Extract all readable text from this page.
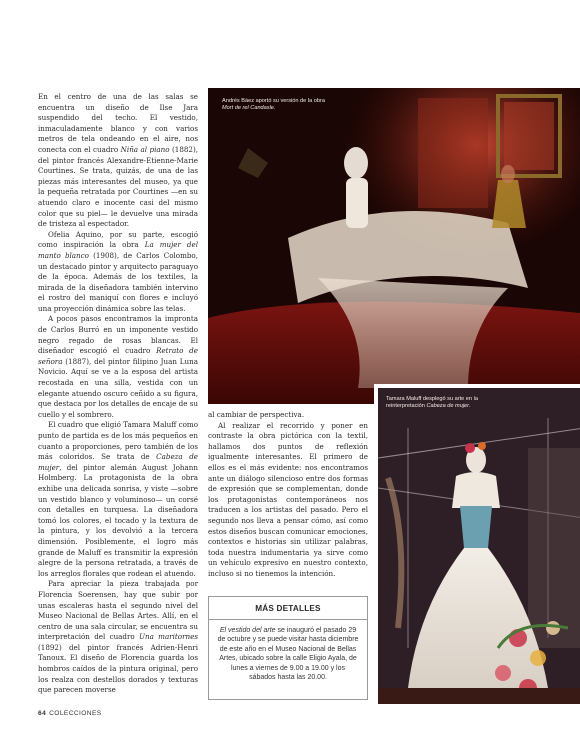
En el centro de una de las salas se encuentra un diseño de Ilse Jara suspendido del techo. El vestido, inmaculadamente blanco y con varios metros de tela ondeando en el aire, nos conecta con el cuadro Niña al piano (1882), del pintor francés Alexandre-Etienne-Marie Courtines. Se trata, quizás, de una de las piezas más interesantes del museo, ya que la pequeña retratada por Courtines —en su atuendo claro e inocente casi del mismo color que su piel— le devuelve una mirada de tristeza al espectador.

Ofelia Aquino, por su parte, escogió como inspiración la obra La mujer del manto blanco (1908), de Carlos Colombo, un destacado pintor y arquitecto paraguayo de la época. Además de los textiles, la mirada de la diseñadora también intervino el rostro del maniquí con flores e incluyó una proyección dinámica sobre las telas.

A pocos pasos encontramos la impronta de Carlos Burró en un imponente vestido negro regado de rosas blancas. El diseñador escogió el cuadro Retrato de señora (1887), del pintor filipino Juan Luna Novicio. Aquí se ve a la esposa del artista recostada en una silla, vestida con un elegante atuendo oscuro ceñido a su figura, que destaca por los detalles de encaje de su cuello y el sombrero.

El cuadro que eligió Tamara Maluff como punto de partida es de los más pequeños en cuanto a proporciones, pero también de los más coloridos. Se trata de Cabeza de mujer, del pintor alemán August Johann Holmberg. La protagonista de la obra exhibe una delicada sonrisa, y viste —sobre un vestido blanco y voluminoso— un corsé con detalles en turquesa. La diseñadora tomó los colores, el tocado y la textura de la pintura, y los devolvió a la tercera dimensión. Posiblemente, el logro más grande de Maluff es transmitir la expresión alegre de la persona retratada, a través de los arreglos florales que rodean el atuendo.

Para apreciar la pieza trabajada por Florencia Soerensen, hay que subir por unas escaleras hasta el segundo nivel del Museo Nacional de Bellas Artes. Allí, en el centro de una sala circular, se encuentra su interpretación del cuadro Una maritornes (1892) del pintor francés Adrien-Henri Tanoux. El diseño de Florencia guarda los hombros caídos de la pintura original, pero los realza con destellos dorados y texturas que parecen moverse

Andrés Báez aportó su versión de la obra
Mort de rel Candasle.
Tamara Maluff desplegó su arte en la reinterpretación Cabeza de mujer.

al cambiar de perspectiva.

Al realizar el recorrido y poner en contraste la obra pictórica con la textil, hallamos dos puntos de reflexión igualmente interesantes. El primero de ellos es el más evidente: nos encontramos ante un diálogo silencioso entre dos formas de expresión que se complementan, donde los protagonistas contemporáneos nos traducen a los artistas del pasado. Pero el segundo nos lleva a pensar cómo, así como estos diseños buscan comunicar emociones, contextos e historias sin utilizar palabras, toda nuestra indumentaria ya sirve como un vehículo expresivo en nuestro contexto, incluso si no tienemos la intención.

MÁS DETALLES
El vestido del arte se inauguró el pasado 29 de octubre y se puede visitar hasta diciembre de este año en el Museo Nacional de Bellas Artes, ubicado sobre la calle Eligio Ayala, de lunes a viernes de 9.00 a 19.00 y los sábados hasta las 20.00.
64 COLECCIONES
